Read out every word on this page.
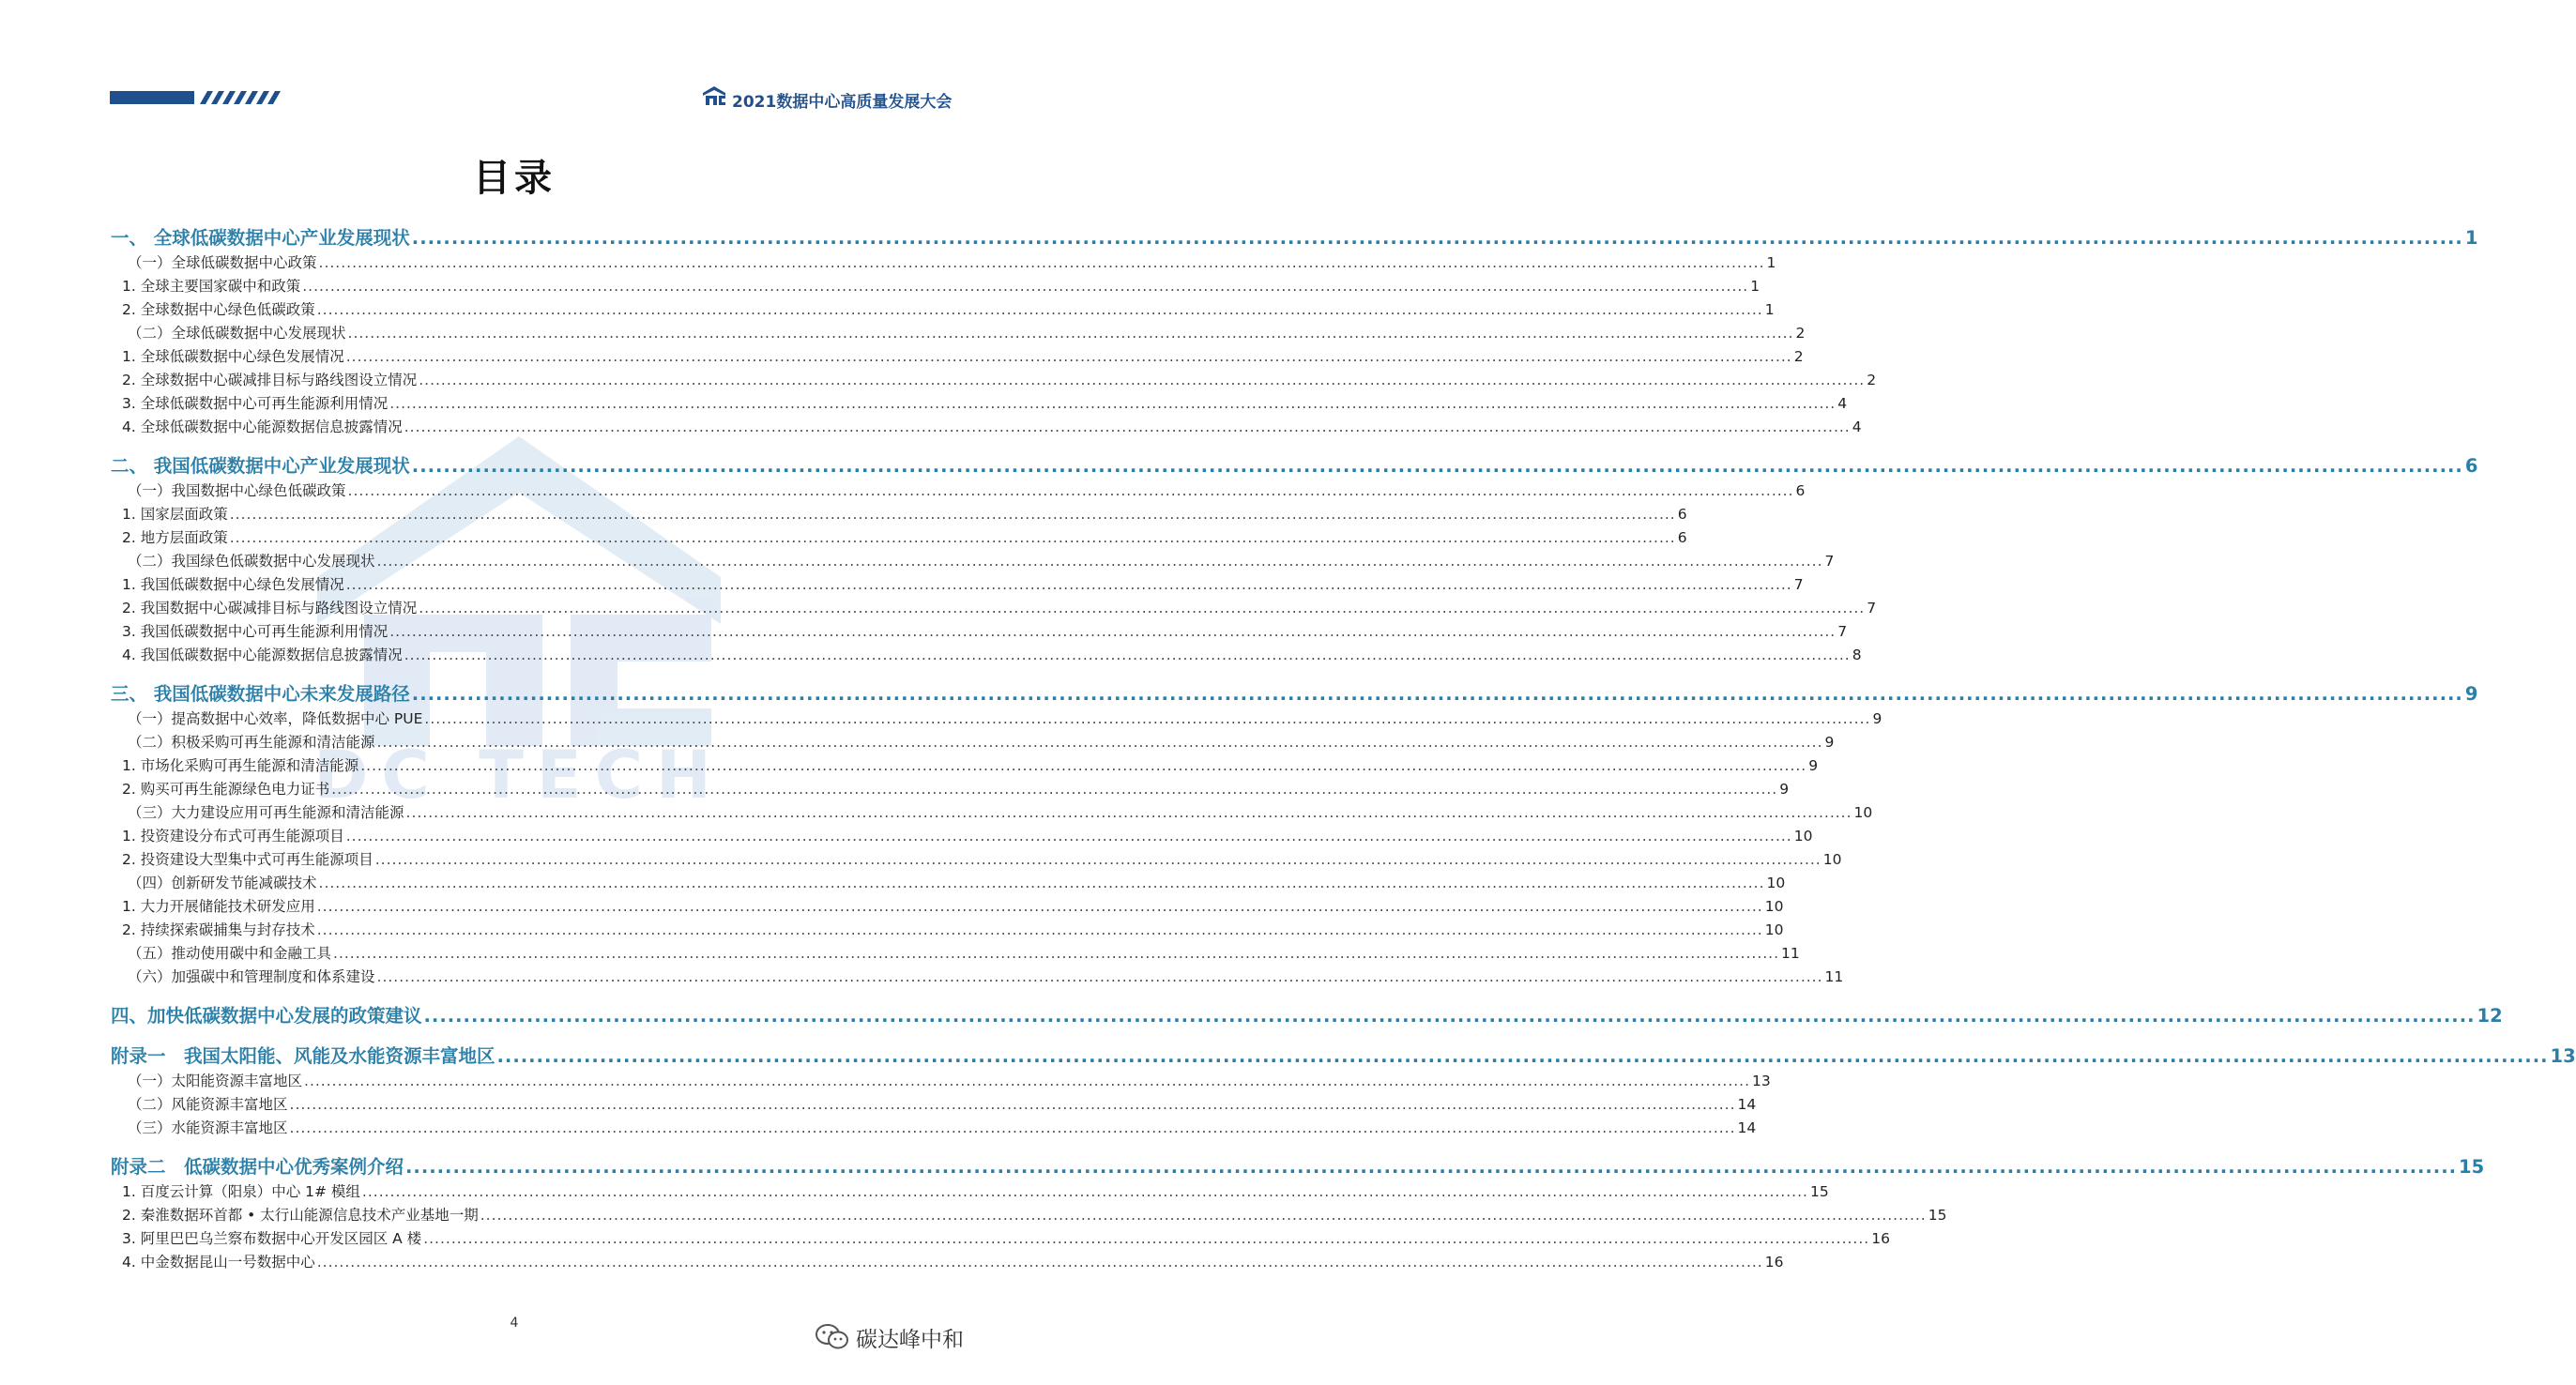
2021数据中心高质量发展大会
DC TECH
目录
一、 全球低碳数据中心产业发展现状 .................................................................................................................................................................................................................................................................... 1
（一）全球低碳数据中心政策 .................................................................................................................................................................................................................................................................... 1
1. 全球主要国家碳中和政策 .................................................................................................................................................................................................................................................................... 1
2. 全球数据中心绿色低碳政策 .................................................................................................................................................................................................................................................................... 1
（二）全球低碳数据中心发展现状 .................................................................................................................................................................................................................................................................... 2
1. 全球低碳数据中心绿色发展情况 .................................................................................................................................................................................................................................................................... 2
2. 全球数据中心碳减排目标与路线图设立情况 .................................................................................................................................................................................................................................................................... 2
3. 全球低碳数据中心可再生能源利用情况 .................................................................................................................................................................................................................................................................... 4
4. 全球低碳数据中心能源数据信息披露情况 .................................................................................................................................................................................................................................................................... 4
二、 我国低碳数据中心产业发展现状 .................................................................................................................................................................................................................................................................... 6
（一）我国数据中心绿色低碳政策 .................................................................................................................................................................................................................................................................... 6
1. 国家层面政策 .................................................................................................................................................................................................................................................................... 6
2. 地方层面政策 .................................................................................................................................................................................................................................................................... 6
（二）我国绿色低碳数据中心发展现状 .................................................................................................................................................................................................................................................................... 7
1. 我国低碳数据中心绿色发展情况 .................................................................................................................................................................................................................................................................... 7
2. 我国数据中心碳减排目标与路线图设立情况 .................................................................................................................................................................................................................................................................... 7
3. 我国低碳数据中心可再生能源利用情况 .................................................................................................................................................................................................................................................................... 7
4. 我国低碳数据中心能源数据信息披露情况 .................................................................................................................................................................................................................................................................... 8
三、 我国低碳数据中心未来发展路径 .................................................................................................................................................................................................................................................................... 9
（一）提高数据中心效率，降低数据中心 PUE .................................................................................................................................................................................................................................................................... 9
（二）积极采购可再生能源和清洁能源 .................................................................................................................................................................................................................................................................... 9
1. 市场化采购可再生能源和清洁能源 .................................................................................................................................................................................................................................................................... 9
2. 购买可再生能源绿色电力证书 .................................................................................................................................................................................................................................................................... 9
（三）大力建设应用可再生能源和清洁能源 .................................................................................................................................................................................................................................................................... 10
1. 投资建设分布式可再生能源项目 .................................................................................................................................................................................................................................................................... 10
2. 投资建设大型集中式可再生能源项目 .................................................................................................................................................................................................................................................................... 10
（四）创新研发节能减碳技术 .................................................................................................................................................................................................................................................................... 10
1. 大力开展储能技术研发应用 .................................................................................................................................................................................................................................................................... 10
2. 持续探索碳捕集与封存技术 .................................................................................................................................................................................................................................................................... 10
（五）推动使用碳中和金融工具 .................................................................................................................................................................................................................................................................... 11
（六）加强碳中和管理制度和体系建设 .................................................................................................................................................................................................................................................................... 11
四、加快低碳数据中心发展的政策建议 .................................................................................................................................................................................................................................................................... 12
附录一　我国太阳能、风能及水能资源丰富地区 .................................................................................................................................................................................................................................................................... 13
（一）太阳能资源丰富地区 .................................................................................................................................................................................................................................................................... 13
（二）风能资源丰富地区 .................................................................................................................................................................................................................................................................... 14
（三）水能资源丰富地区 .................................................................................................................................................................................................................................................................... 14
附录二　低碳数据中心优秀案例介绍 .................................................................................................................................................................................................................................................................... 15
1. 百度云计算（阳泉）中心 1# 模组 .................................................................................................................................................................................................................................................................... 15
2. 秦淮数据环首都 • 太行山能源信息技术产业基地一期 .................................................................................................................................................................................................................................................................... 15
3. 阿里巴巴乌兰察布数据中心开发区园区 A 楼 .................................................................................................................................................................................................................................................................... 16
4. 中金数据昆山一号数据中心 .................................................................................................................................................................................................................................................................... 16
4
碳达峰中和
